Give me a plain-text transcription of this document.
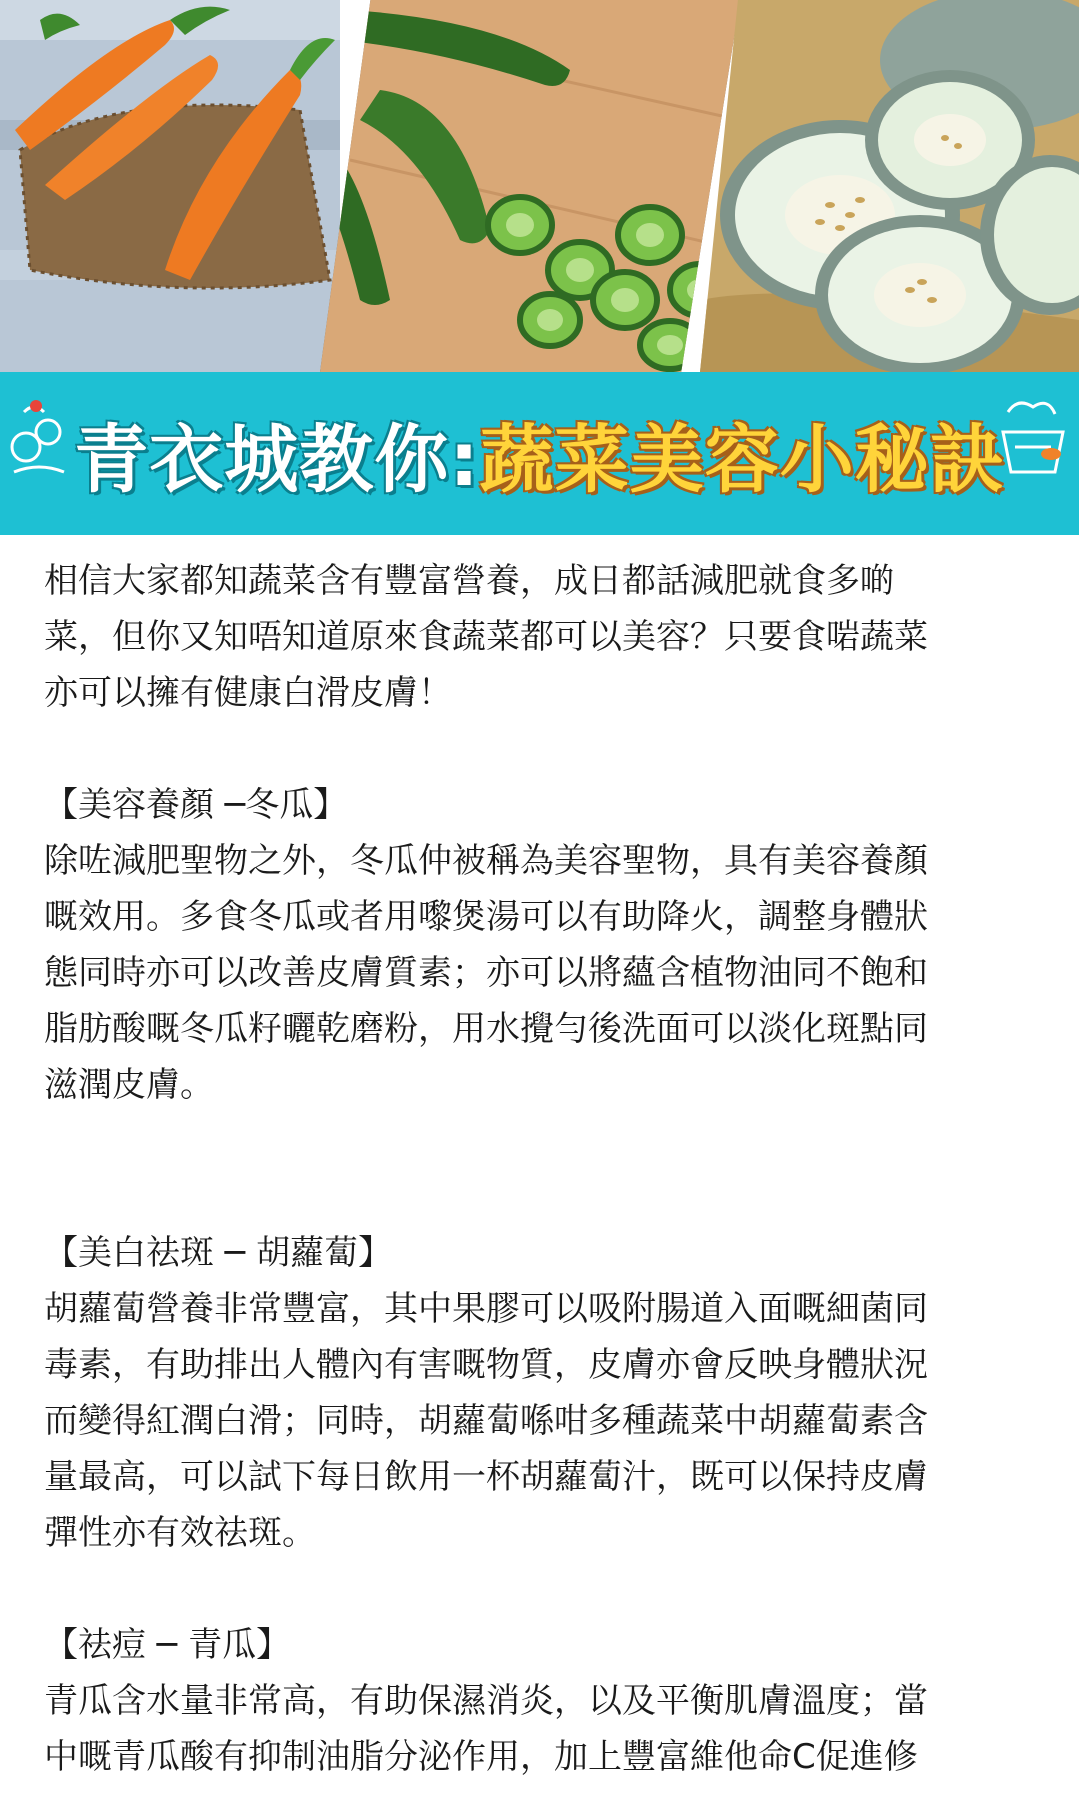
青衣城教你: 蔬菜美容小秘訣

相信大家都知蔬菜含有豐富營養，成日都話減肥就食多啲
菜，但你又知唔知道原來食蔬菜都可以美容？只要食啱蔬菜
亦可以擁有健康白滑皮膚！

【美容養顏 ─冬瓜】

除咗減肥聖物之外，冬瓜仲被稱為美容聖物，具有美容養顏
嘅效用。多食冬瓜或者用嚟煲湯可以有助降火，調整身體狀
態同時亦可以改善皮膚質素；亦可以將蘊含植物油同不飽和
脂肪酸嘅冬瓜籽曬乾磨粉，用水攪勻後洗面可以淡化斑點同
滋潤皮膚。

【美白祛斑 ─ 胡蘿蔔】

胡蘿蔔營養非常豐富，其中果膠可以吸附腸道入面嘅細菌同
毒素，有助排出人體內有害嘅物質，皮膚亦會反映身體狀況
而變得紅潤白滑；同時，胡蘿蔔喺咁多種蔬菜中胡蘿蔔素含
量最高，可以試下每日飲用一杯胡蘿蔔汁，既可以保持皮膚
彈性亦有效祛斑。

【祛痘 ─ 青瓜】

青瓜含水量非常高，有助保濕消炎，以及平衡肌膚溫度；當
中嘅青瓜酸有抑制油脂分泌作用，加上豐富維他命C促進修
